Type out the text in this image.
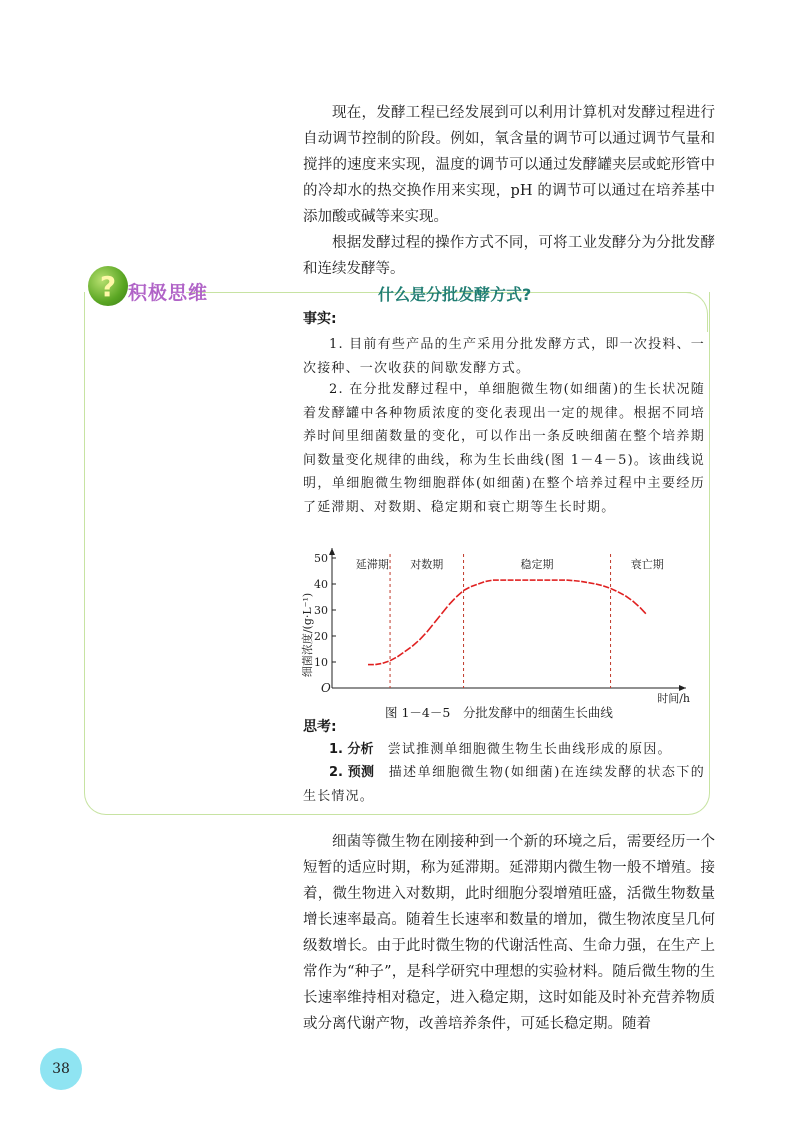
现在，发酵工程已经发展到可以利用计算机对发酵过程进行自动调节控制的阶段。例如，氧含量的调节可以通过调节气量和搅拌的速度来实现，温度的调节可以通过发酵罐夹层或蛇形管中的冷却水的热交换作用来实现，pH 的调节可以通过在培养基中添加酸或碱等来实现。

根据发酵过程的操作方式不同，可将工业发酵分为分批发酵和连续发酵等。

? 积极思维	什么是分批发酵方式?

事实:

1. 目前有些产品的生产采用分批发酵方式，即一次投料、一次接种、一次收获的间歇发酵方式。

2. 在分批发酵过程中，单细胞微生物(如细菌)的生长状况随着发酵罐中各种物质浓度的变化表现出一定的规律。根据不同培养时间里细菌数量的变化，可以作出一条反映细菌在整个培养期间数量变化规律的曲线，称为生长曲线(图 1－4－5)。该曲线说明，单细胞微生物细胞群体(如细菌)在整个培养过程中主要经历了延滞期、对数期、稳定期和衰亡期等生长时期。

10
20
30
40
50	延滞期 对数期	稳定期	衰亡期
细菌浓度/(g·L⁻¹)
时间/h
O
图 1－4－5　分批发酵中的细菌生长曲线

思考:

1. 分析　 尝试推测单细胞微生物生长曲线形成的原因。

2. 预测　 描述单细胞微生物(如细菌)在连续发酵的状态下的生长情况。

细菌等微生物在刚接种到一个新的环境之后，需要经历一个短暂的适应时期，称为延滞期。延滞期内微生物一般不增殖。接着，微生物进入对数期，此时细胞分裂增殖旺盛，活微生物数量增长速率最高。随着生长速率和数量的增加，微生物浓度呈几何级数增长。由于此时微生物的代谢活性高、生命力强，在生产上常作为“种子”，是科学研究中理想的实验材料。随后微生物的生长速率维持相对稳定，进入稳定期，这时如能及时补充营养物质或分离代谢产物，改善培养条件，可延长稳定期。随着

38
